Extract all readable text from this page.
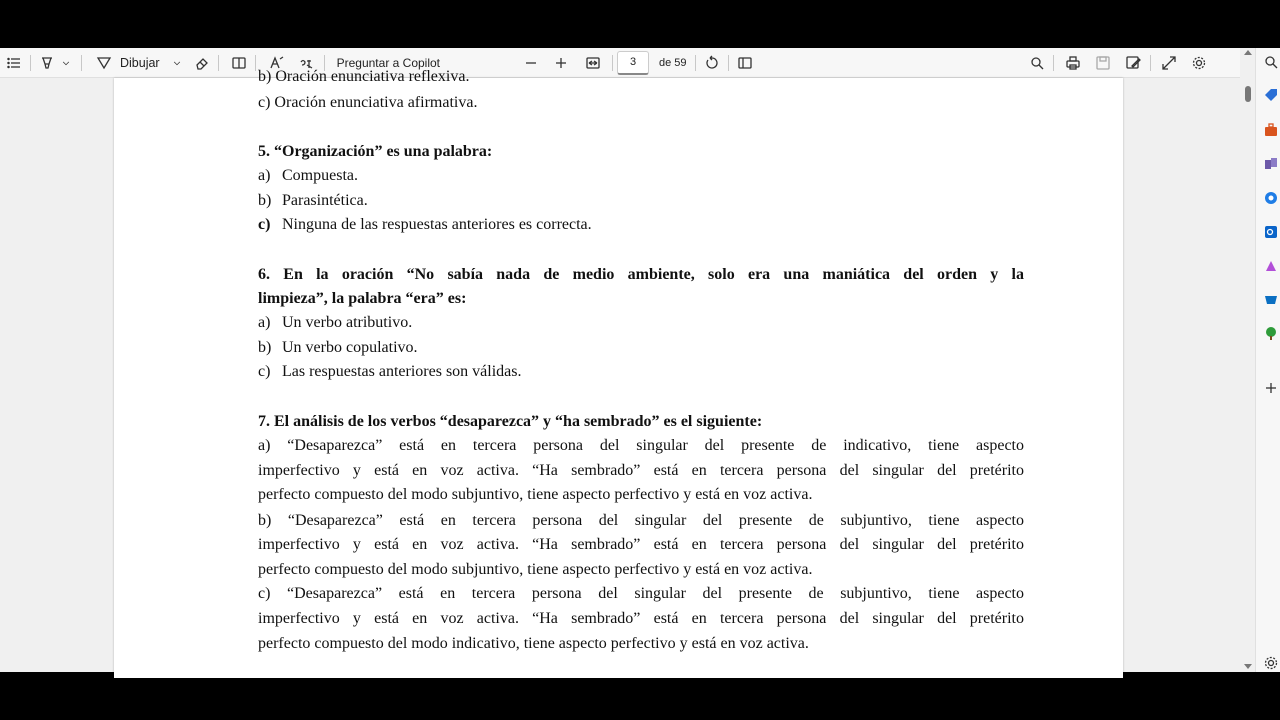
Dibujar	Preguntar a Copilot	3	de 59
b) Oración enunciativa reflexiva.
c) Oración enunciativa afirmativa.
5. “Organización” es una palabra:
a) Compuesta.
b) Parasintética.
c) Ninguna de las respuestas anteriores es correcta.
6. En la oración “No sabía nada de medio ambiente, solo era una maniática del orden y la
limpieza”, la palabra “era” es:
a) Un verbo atributivo.
b) Un verbo copulativo.
c) Las respuestas anteriores son válidas.
7. El análisis de los verbos “desaparezca” y “ha sembrado” es el siguiente:
a) “Desaparezca” está en tercera persona del singular del presente de indicativo, tiene aspecto
imperfectivo y está en voz activa. “Ha sembrado” está en tercera persona del singular del pretérito
perfecto compuesto del modo subjuntivo, tiene aspecto perfectivo y está en voz activa.
b) “Desaparezca” está en tercera persona del singular del presente de subjuntivo, tiene aspecto
imperfectivo y está en voz activa. “Ha sembrado” está en tercera persona del singular del pretérito
perfecto compuesto del modo subjuntivo, tiene aspecto perfectivo y está en voz activa.
c) “Desaparezca” está en tercera persona del singular del presente de subjuntivo, tiene aspecto
imperfectivo y está en voz activa. “Ha sembrado” está en tercera persona del singular del pretérito
perfecto compuesto del modo indicativo, tiene aspecto perfectivo y está en voz activa.
